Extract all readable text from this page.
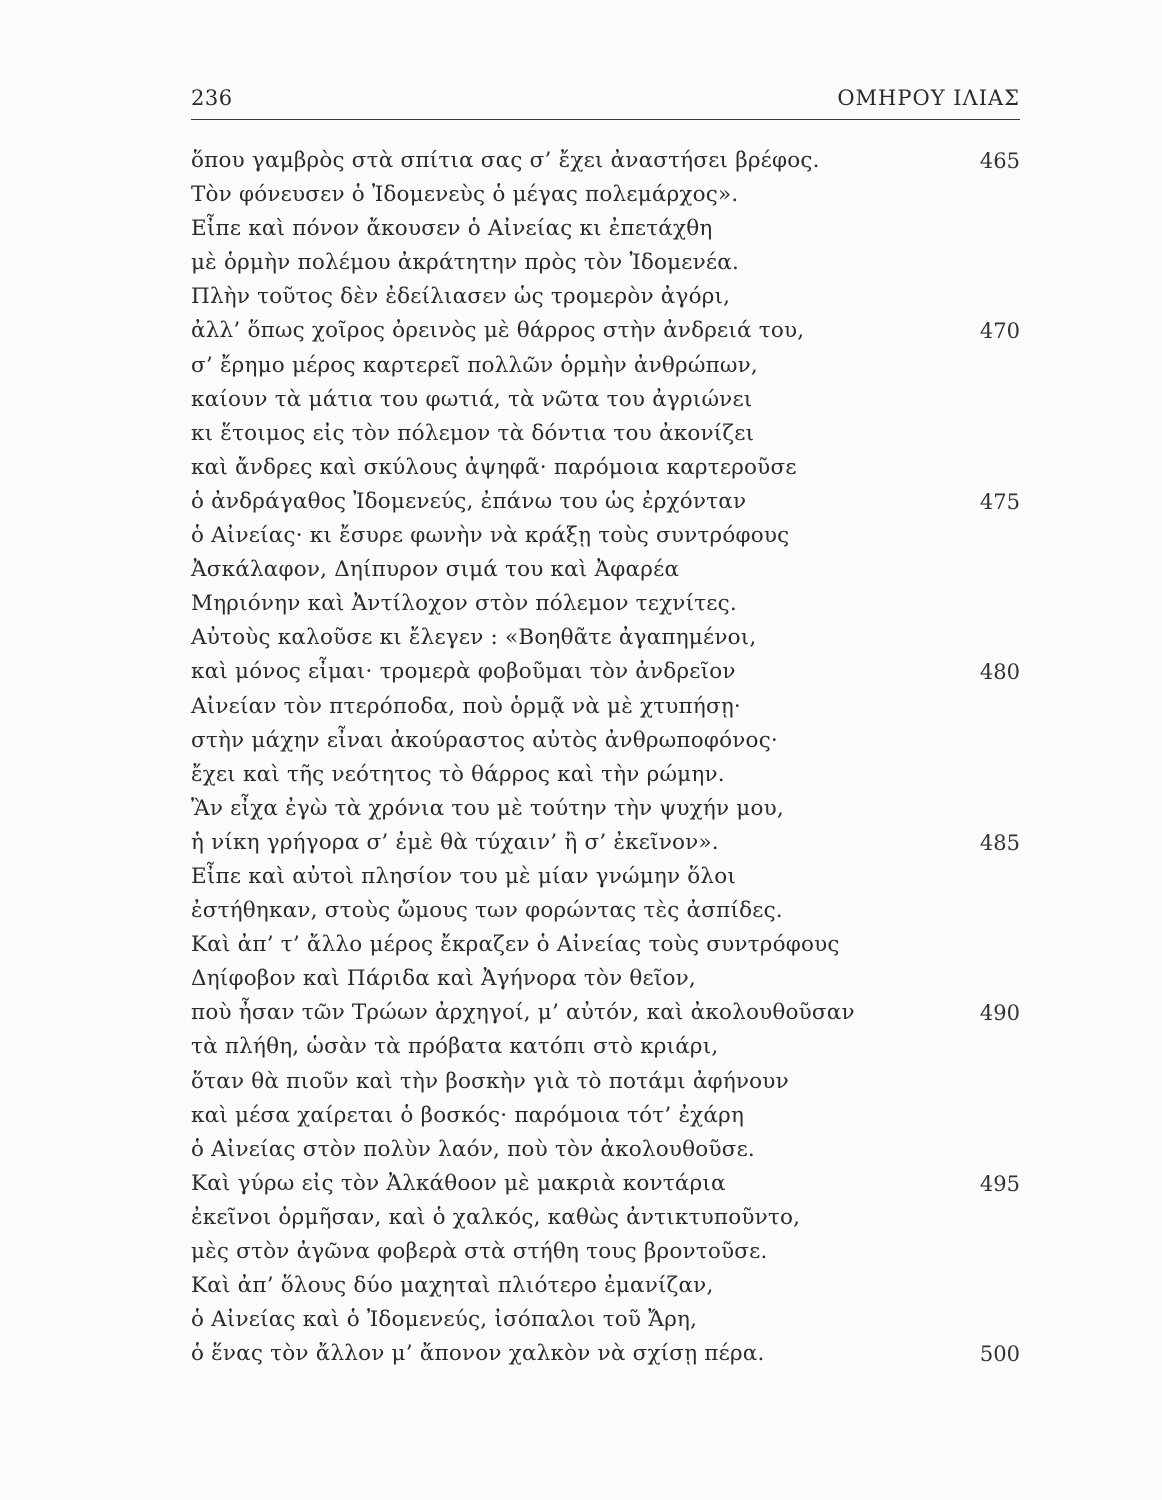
236	ΟΜΗΡΟΥ ΙΛΙΑΣ
ὅπου γαμβρὸς στὰ σπίτια σας σ’ ἔχει ἀναστήσει βρέφος.	465
Τὸν φόνευσεν ὁ Ἰδομενεὺς ὁ μέγας πολεμάρχος».
Εἶπε καὶ πόνον ἄκουσεν ὁ Αἰνείας κι ἐπετάχθη
μὲ ὁρμὴν πολέμου ἀκράτητην πρὸς τὸν Ἰδομενέα.
Πλὴν τοῦτος δὲν ἐδείλιασεν ὡς τρομερὸν ἀγόρι,
ἀλλ’ ὅπως χοῖρος ὀρεινὸς μὲ θάρρος στὴν ἀνδρειά του,	470
σ’ ἔρημο μέρος καρτερεῖ πολλῶν ὁρμὴν ἀνθρώπων,
καίουν τὰ μάτια του φωτιά, τὰ νῶτα του ἀγριώνει
κι ἕτοιμος εἰς τὸν πόλεμον τὰ δόντια του ἀκονίζει
καὶ ἄνδρες καὶ σκύλους ἀψηφᾶ· παρόμοια καρτεροῦσε
ὁ ἀνδράγαθος Ἰδομενεύς, ἐπάνω του ὡς ἐρχόνταν	475
ὁ Αἰνείας· κι ἔσυρε φωνὴν νὰ κράξῃ τοὺς συντρόφους
Ἀσκάλαφον, Δηίπυρον σιμά του καὶ Ἀφαρέα
Μηριόνην καὶ Ἀντίλοχον στὸν πόλεμον τεχνίτες.
Αὐτοὺς καλοῦσε κι ἔλεγεν : «Βοηθᾶτε ἀγαπημένοι,
καὶ μόνος εἶμαι· τρομερὰ φοβοῦμαι τὸν ἀνδρεῖον	480
Αἰνείαν τὸν πτερόποδα, ποὺ ὁρμᾷ νὰ μὲ χτυπήσῃ·
στὴν μάχην εἶναι ἀκούραστος αὐτὸς ἀνθρωποφόνος·
ἔχει καὶ τῆς νεότητος τὸ θάρρος καὶ τὴν ρώμην.
Ἂν εἶχα ἐγὼ τὰ χρόνια του μὲ τούτην τὴν ψυχήν μου,
ἡ νίκη γρήγορα σ’ ἐμὲ θὰ τύχαιν’ ἢ σ’ ἐκεῖνον».	485
Εἶπε καὶ αὐτοὶ πλησίον του μὲ μίαν γνώμην ὅλοι
ἐστήθηκαν, στοὺς ὤμους των φορώντας τὲς ἀσπίδες.
Καὶ ἀπ’ τ’ ἄλλο μέρος ἔκραζεν ὁ Αἰνείας τοὺς συντρόφους
Δηίφοβον καὶ Πάριδα καὶ Ἀγήνορα τὸν θεῖον,
ποὺ ἦσαν τῶν Τρώων ἀρχηγοί, μ’ αὐτόν, καὶ ἀκολουθοῦσαν	490
τὰ πλήθη, ὡσὰν τὰ πρόβατα κατόπι στὸ κριάρι,
ὅταν θὰ πιοῦν καὶ τὴν βοσκὴν γιὰ τὸ ποτάμι ἀφήνουν
καὶ μέσα χαίρεται ὁ βοσκός· παρόμοια τότ’ ἐχάρη
ὁ Αἰνείας στὸν πολὺν λαόν, ποὺ τὸν ἀκολουθοῦσε.
Καὶ γύρω εἰς τὸν Ἀλκάθοον μὲ μακριὰ κοντάρια	495
ἐκεῖνοι ὁρμῆσαν, καὶ ὁ χαλκός, καθὼς ἀντικτυποῦντο,
μὲς στὸν ἀγῶνα φοβερὰ στὰ στήθη τους βροντοῦσε.
Καὶ ἀπ’ ὅλους δύο μαχηταὶ πλιότερο ἐμανίζαν,
ὁ Αἰνείας καὶ ὁ Ἰδομενεύς, ἰσόπαλοι τοῦ Ἄρη,
ὁ ἕνας τὸν ἄλλον μ’ ἄπονον χαλκὸν νὰ σχίσῃ πέρα.	500
